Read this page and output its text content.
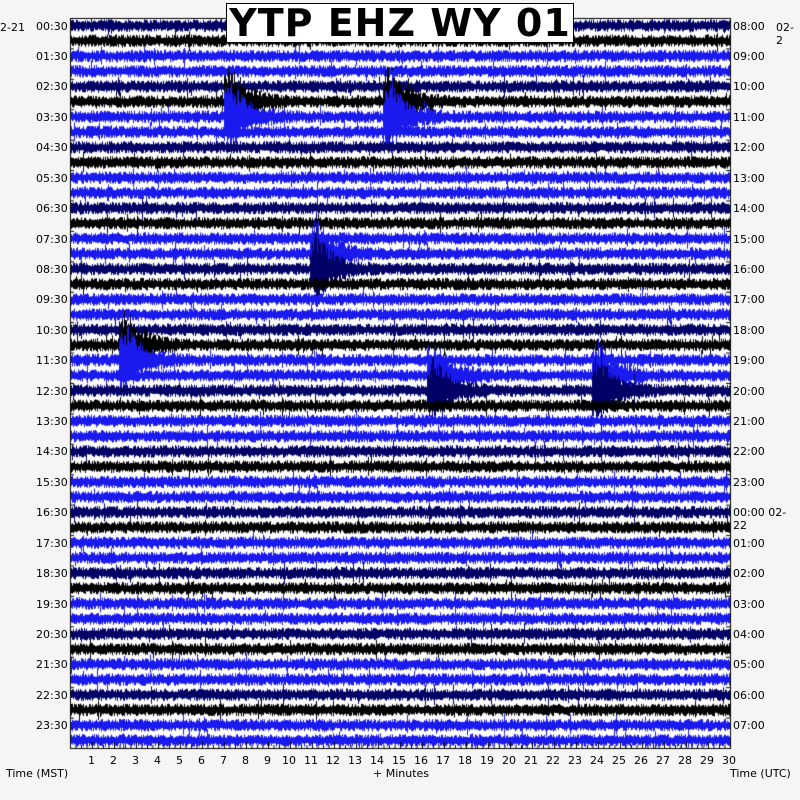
YTP EHZ WY 01
2-21	02-2
00:30
01:30
02:30
03:30
04:30
05:30
06:30
07:30
08:30
09:30
10:30
11:30
12:30
13:30
14:30
15:30
16:30
17:30
18:30
19:30
20:30
21:30
22:30
23:30
08:00
09:00
10:00
11:00
12:00
13:00
14:00
15:00
16:00
17:00
18:00
19:00
20:00
21:00
22:00
23:00
00:00 02-22
01:00
02:00
03:00
04:00
05:00
06:00
07:00
1 2 3 4 5 6 7 8 9 10 11 12 13 14 15 16 17 18 19 20 21 22 23 24 25 26 27 28 29 30
Time (MST)	+ Minutes	Time (UTC)
